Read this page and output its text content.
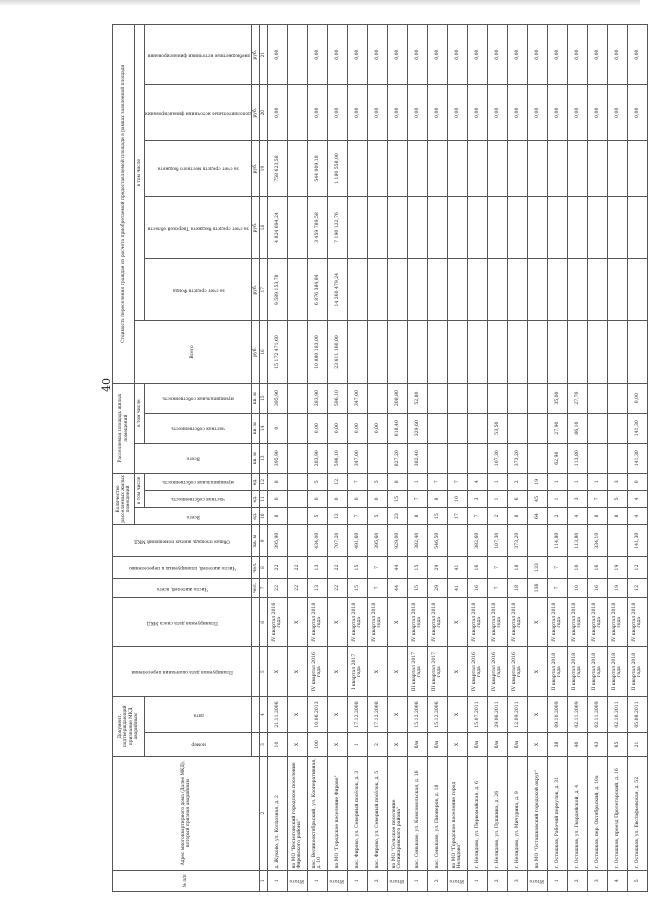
40
№ п/п	Адрес многоквартирного дома (Далее МКД), который признан аварийным	Документ, подтверждающий признание МКД аварийным		Планируемая дата окончания переселения	Планируемая дата сноса МКД	Число жителей, всего	Число жителей, планируемых к переселению	Общая площадь жилых помещений МКД	Количество расселяемых жилых помещений			Расселяемая площадь жилых помещений			Стоимость переселения граждан из расчета приобретаемой предоставляемой площади в рамках заявленной площади					
									Всего	в том числе		Всего	в том числе		Всего	в том числе				
		номер	дата							частная собственность	муниципальная собственность		частная собственность	муниципальная собственность		за счет средств Фонда	за счет средств бюджета Тверской области	за счет средств местного бюджета	дополнительные источники финансирования	внебюджетные источники финансирования
						чел.	чел.	кв. м	ед.	ед.	ед.	кв. м	кв. м	кв. м	руб.	руб.	руб.	руб.	руб.	руб.
1	2	3	4	5	6	7	8	9	10	11	12	13	14	15	16	17	18	19	20	21
1	д. Жуково, ул. Колхозная, д. 2	10	21.11.2006	X	IV квартал 2016 года	22	22	395,90	8	0	8	395,90	0	395,90	15 172 471,60	9 589 153,78	4 824 694,24	758 623,58	0,00	0,00
Итого	по МО "Весьегонский городское поселение Фировского района"	X	X	X	X	22	22													
1	пос. Великооктябрьский, ул. Кооперативная, д. 10	100	10.06.2013	IV квартал 2016 года	IV квартал 2018 года	13	13	434,00	5	0	5	283,90	0,00	283,90	10 880 183,00	6 876 384,84	3 459 789,58	544 009,18	0,00	0,00
Итого	по МО "Городское поселение Фирово"	X	X	X	X	22	22	707,20	12	0	12	596,10	0,00	596,10	23 611 160,00	14 260 479,24	7 190 122,76	1 180 558,00	0,00	0,00
1	пос. Фирово, ул. Северный посёлок, д. 3	1	17.12.2008	I квартал 2017 года	IV квартал 2018 года	15	15	491,60	7	0	7	347,00	0,00	347,00					0,00	0,00
2	пос. Фирово, ул. Северный посёлок, д. 5	2	17.12.2008	X	IV квартал 2018 года	7	7	395,60	5	0	5		0,00						0,00	0,00
Итого	по МО "Сельское поселение Селижаровского района"	X	X	X	X	44	44	929,00	23	15	8	827,20	618,40	208,80					0,00	0,00
1	пос. Сеньково, ул. Комсомольская, д. 16	б/н	15.12.2006	III квартал 2017 года	IV квартал 2018 года	15	15	382,40	8	7	1	382,40	329,60	52,80					0,00	0,00
2	пос. Сеньково, ул. Пионеров, д. 18	б/н	15.12.2006	III квартал 2017 года	IV квартал 2018 года	29	29	546,50	15	8	7								0,00	0,00
Итого	по МО "Городское поселение город Нелидово"	X	X	X	X	41	41		17	10	7								0,00	0,00
1	г. Нелидово, ул. Первомайская, д. 6	б/н	15.07.2011	IV квартал 2016 года	IV квартал 2018 года	16	16	382,60	7	3	4								0,00	0,00
2	г. Нелидово, ул. Пушкина, д. 26	б/н	29.06.2011	IV квартал 2016 года	IV квартал 2018 года	7	7	107,30	2	1	1	107,30	53,50						0,00	0,00
3	г. Нелидово, ул. Мичурина, д. 9	б/н	12.09.2011	IV квартал 2016 года	IV квартал 2018 года	18	18	373,20	8	6	2	373,20							0,00	0,00
Итого	по МО "Осташковский городской округ"	X	X	X	X	136	133		64	45	19								0,00	0,00
1	г. Осташков, Рабочий переулок, д. 31	38	09.10.2009	II квартал 2018 года	IV квартал 2018 года	7	7	114,80	2	1	1	62,90	27,90	35,00					0,00	0,00
2	г. Осташков, ул. Гвардейской, д. 4	40	02.11.2009	II квартал 2018 года	IV квартал 2018 года	10	10	113,80	4	3	1	113,80	86,10	27,70					0,00	0,00
3	г. Осташков, пер. Октябрьский, д. 10а	43	02.11.2009	II квартал 2018 года	IV квартал 2018 года	16	16	334,10	8	7	1								0,00	0,00
4	г. Осташков, проезд Пролетарский, д. 16	65	02.10.2011	II квартал 2018 года	IV квартал 2018 года	19	19		8	5	3								0,00	0,00
5	г. Осташков, ул. Евстафьевская, д. 52	21	05.08.2011	II квартал 2018 года	IV квартал 2018 года	12	12	141,30	4	4	0	141,30	141,30	0,00					0,00	0,00
